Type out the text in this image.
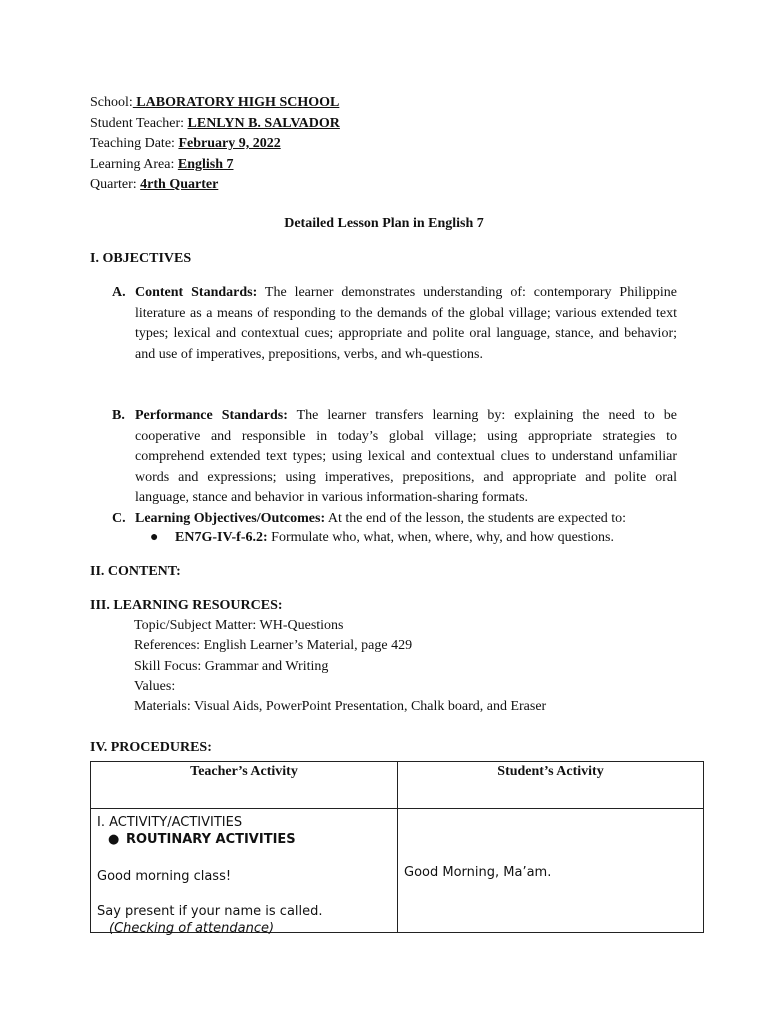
School: LABORATORY HIGH SCHOOL
Student Teacher: LENLYN B. SALVADOR
Teaching Date: February 9, 2022
Learning Area: English 7
Quarter: 4rth Quarter
Detailed Lesson Plan in English 7
I. OBJECTIVES
A. Content Standards: The learner demonstrates understanding of: contemporary Philippine literature as a means of responding to the demands of the global village; various extended text types; lexical and contextual cues; appropriate and polite oral language, stance, and behavior; and use of imperatives, prepositions, verbs, and wh-questions.
B. Performance Standards: The learner transfers learning by: explaining the need to be cooperative and responsible in today’s global village; using appropriate strategies to comprehend extended text types; using lexical and contextual clues to understand unfamiliar words and expressions; using imperatives, prepositions, and appropriate and polite oral language, stance and behavior in various information-sharing formats.
C. Learning Objectives/Outcomes: At the end of the lesson, the students are expected to:
● EN7G-IV-f-6.2: Formulate who, what, when, where, why, and how questions.
II. CONTENT:
III. LEARNING RESOURCES:
Topic/Subject Matter: WH-Questions
References: English Learner’s Material, page 429
Skill Focus: Grammar and Writing
Values:
Materials: Visual Aids, PowerPoint Presentation, Chalk board, and Eraser
IV. PROCEDURES:
Teacher’s Activity	Student’s Activity

I. ACTIVITY/ACTIVITIES
● ROUTINARY ACTIVITIES
Good morning class!
Say present if your name is called.
(Checking of attendance)	Good Morning, Ma’am.
